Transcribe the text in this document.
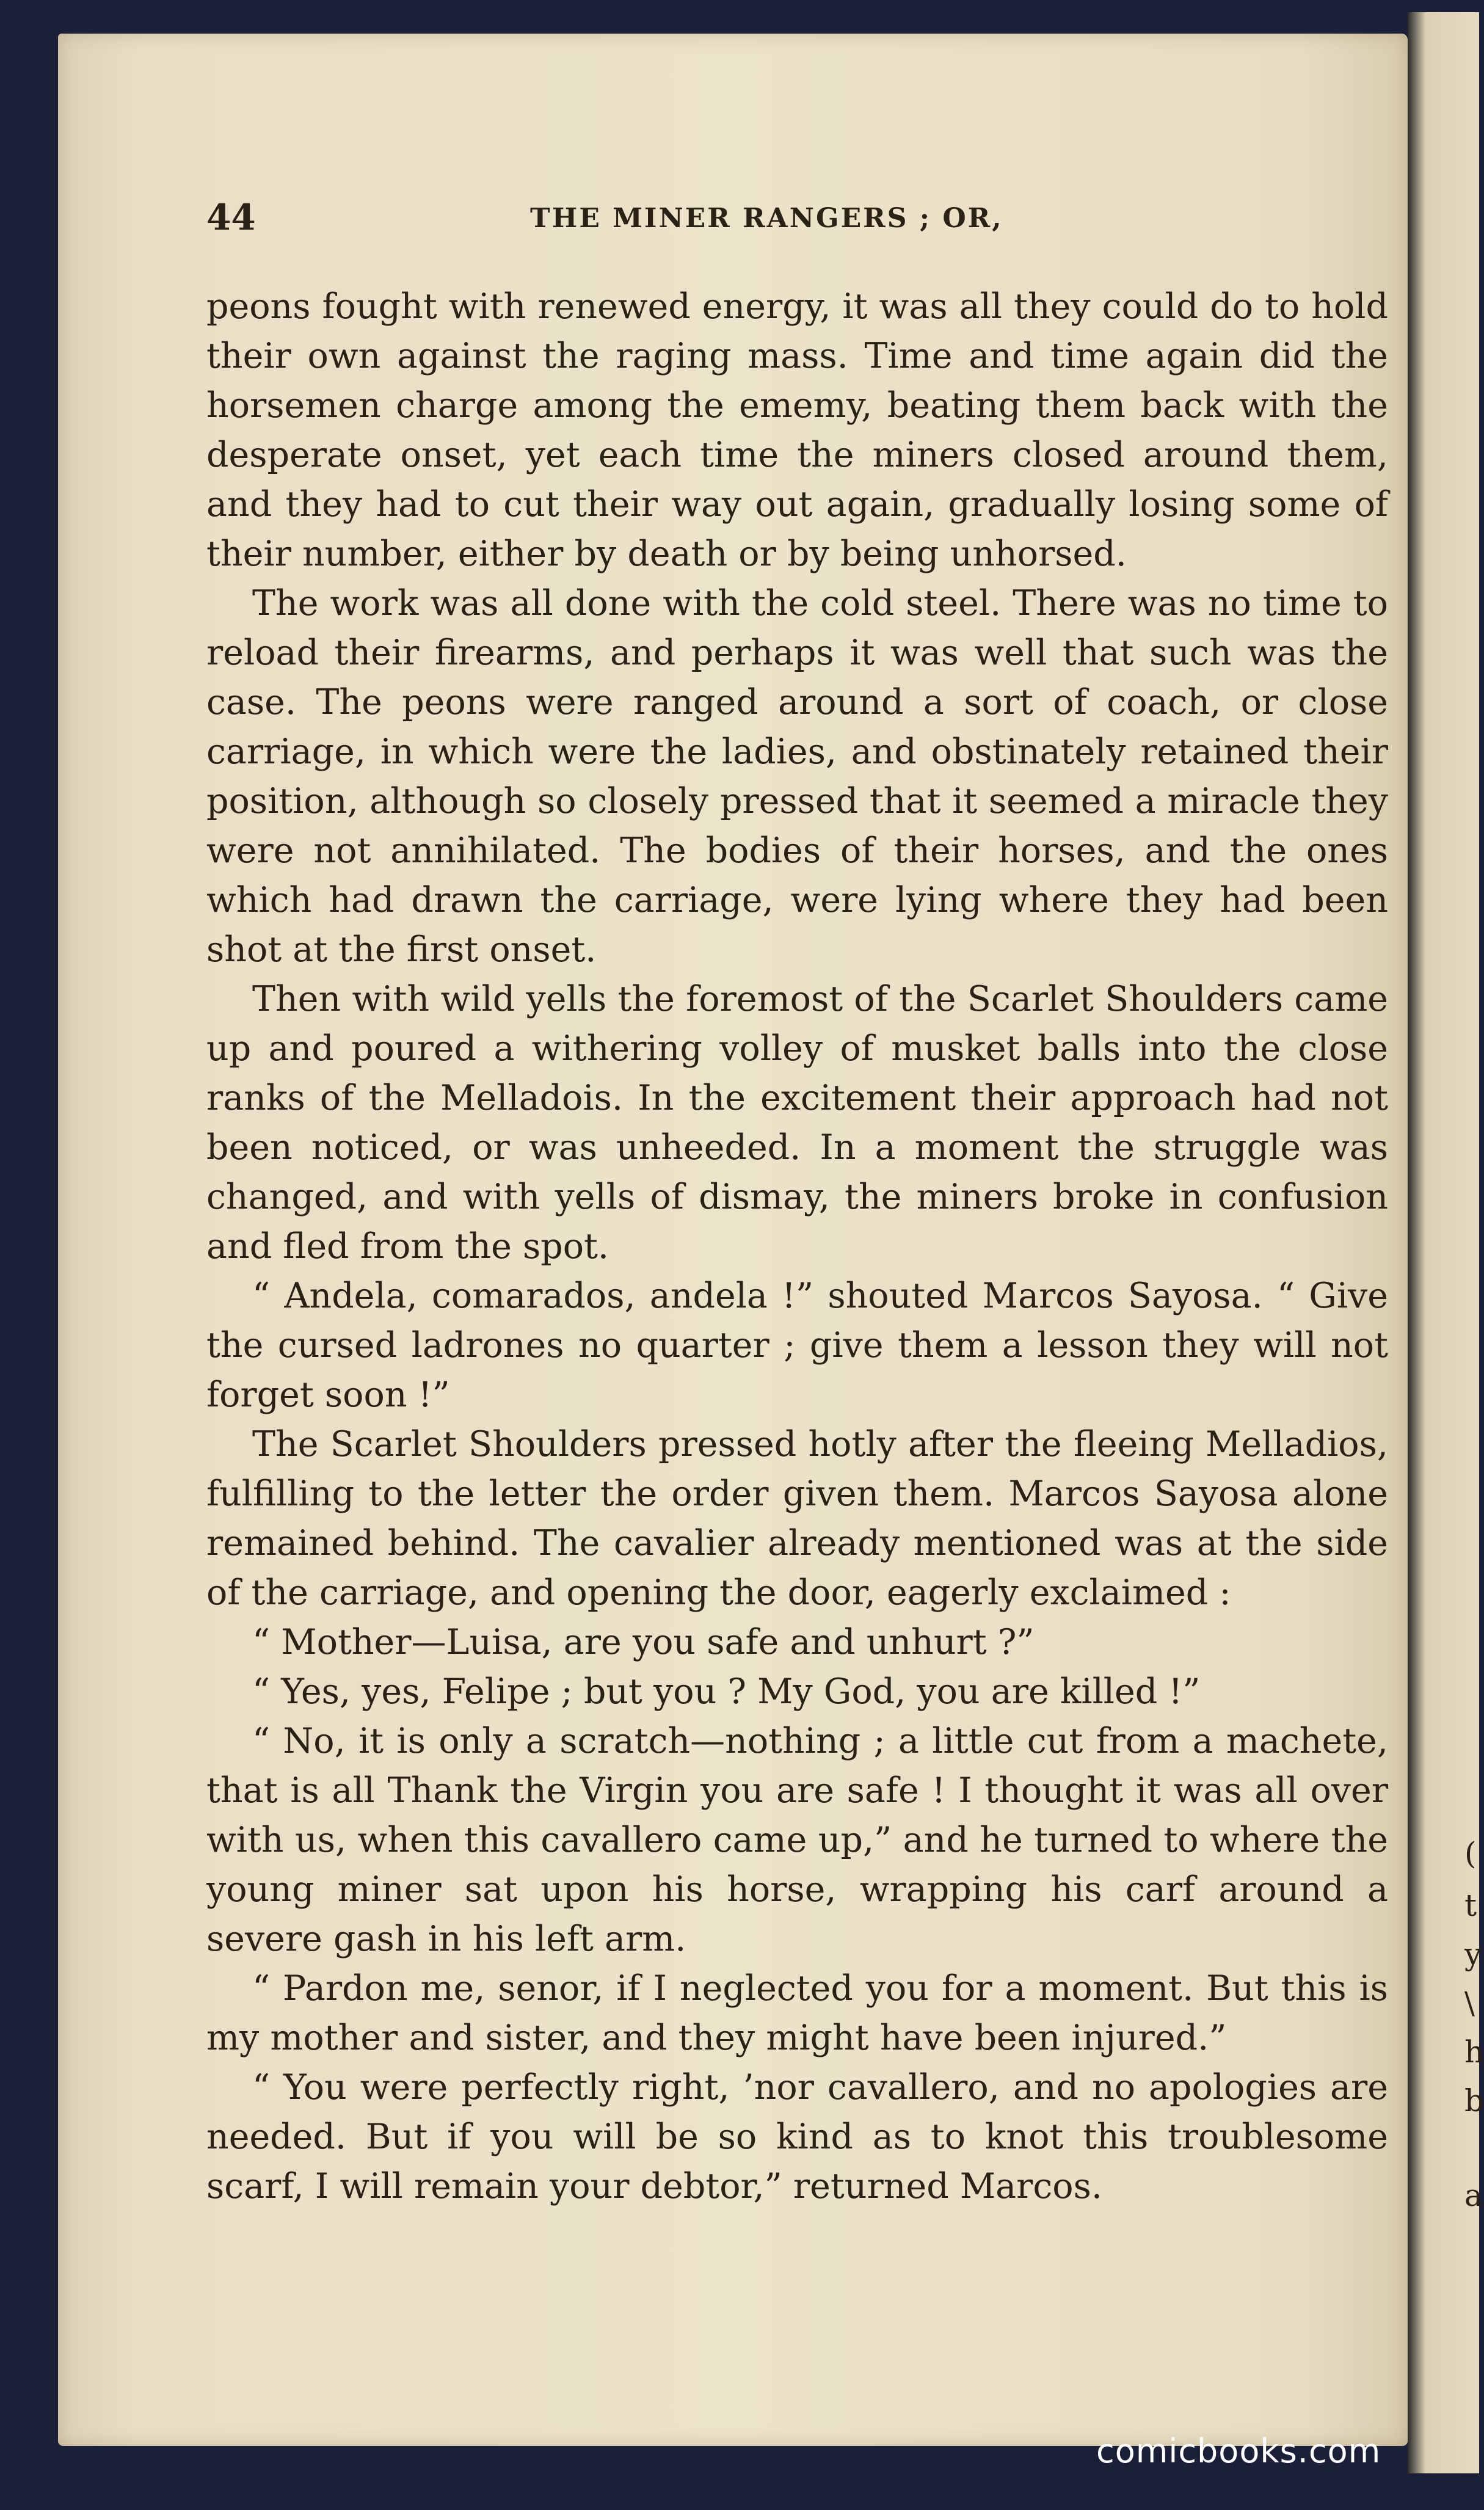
(
t
y
\
h
b
a
44	THE MINER RANGERS ; OR,

peons fought with renewed energy, it was all they could do to hold their own against the raging mass. Time and time again did the horsemen charge among the ememy, beating them back with the desperate onset, yet each time the miners closed around them, and they had to cut their way out again, gradually losing some of their number, either by death or by being unhorsed.

The work was all done with the cold steel. There was no time to reload their firearms, and perhaps it was well that such was the case. The peons were ranged around a sort of coach, or close carriage, in which were the ladies, and obstinately retained their position, although so closely pressed that it seemed a miracle they were not annihilated. The bodies of their horses, and the ones which had drawn the carriage, were lying where they had been shot at the first onset.

Then with wild yells the foremost of the Scarlet Shoulders came up and poured a withering volley of musket balls into the close ranks of the Melladois. In the excitement their approach had not been noticed, or was unheeded. In a moment the struggle was changed, and with yells of dismay, the miners broke in confusion and fled from the spot.

“ Andela, comarados, andela !” shouted Marcos Sayosa. “ Give the cursed ladrones no quarter ; give them a lesson they will not forget soon !”

The Scarlet Shoulders pressed hotly after the fleeing Melladios, fulfilling to the letter the order given them. Marcos Sayosa alone remained behind. The cavalier already mentioned was at the side of the carriage, and opening the door, eagerly exclaimed :

“ Mother—Luisa, are you safe and unhurt ?”

“ Yes, yes, Felipe ; but you ? My God, you are killed !”

“ No, it is only a scratch—nothing ; a little cut from a machete, that is all Thank the Virgin you are safe ! I thought it was all over with us, when this cavallero came up,” and he turned to where the young miner sat upon his horse, wrapping his carf around a severe gash in his left arm.

“ Pardon me, senor, if I neglected you for a moment. But this is my mother and sister, and they might have been injured.”

“ You were perfectly right, ’nor cavallero, and no apologies are needed. But if you will be so kind as to knot this troublesome scarf, I will remain your debtor,” returned Marcos.

comicbooks.com
